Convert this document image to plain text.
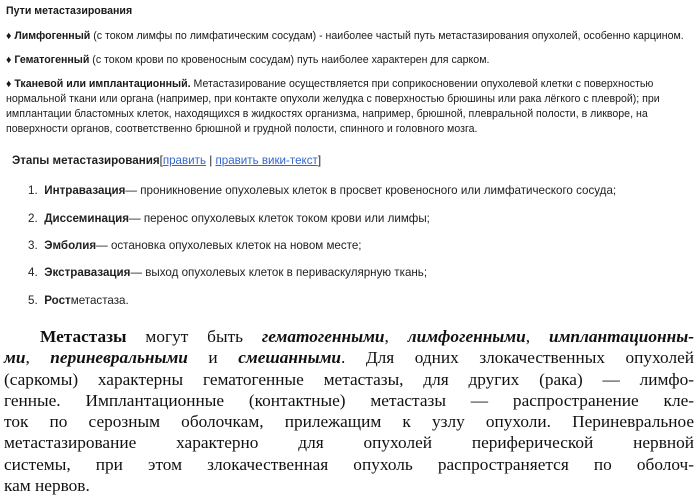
Пути метастазирования

♦ Лимфогенный (с током лимфы по лимфатическим сосудам) - наиболее частый путь метастазирования опухолей, особенно карцином.

♦ Гематогенный (с током крови по кровеносным сосудам) путь наиболее характерен для сарком.

♦ Тканевой или имплантационный. Метастазирование осуществляется при соприкосновении опухолевой клетки с поверхностью
нормальной ткани или органа (например, при контакте опухоли желудка с поверхностью брюшины или рака лёгкого с плеврой); при
имплантации бластомных клеток, находящихся в жидкостях организма, например, брюшной, плевральной полости, в ликворе, на
поверхности органов, соответственно брюшной и грудной полости, спинного и головного мозга.

Этапы метастазирования[править | править вики-текст]
1. Интравазация— проникновение опухолевых клеток в просвет кровеносного или лимфатического сосуда;
2. Диссеминация— перенос опухолевых клеток током крови или лимфы;
3. Эмболия— остановка опухолевых клеток на новом месте;
4. Экстравазация— выход опухолевых клеток в периваскулярную ткань;
5. Ростметастаза.
Метастазы могут быть гематогенными, лимфогенными, имплантационны-
ми, периневральными и смешанными. Для одних злокачественных опухолей
(саркомы) характерны гематогенные метастазы, для других (рака) — лимфо-
генные. Имплантационные (контактные) метастазы — распространение кле-
ток по серозным оболочкам, прилежащим к узлу опухоли. Периневральное
метастазирование характерно для опухолей периферической нервной
системы, при этом злокачественная опухоль распространяется по оболоч-
кам нервов.
